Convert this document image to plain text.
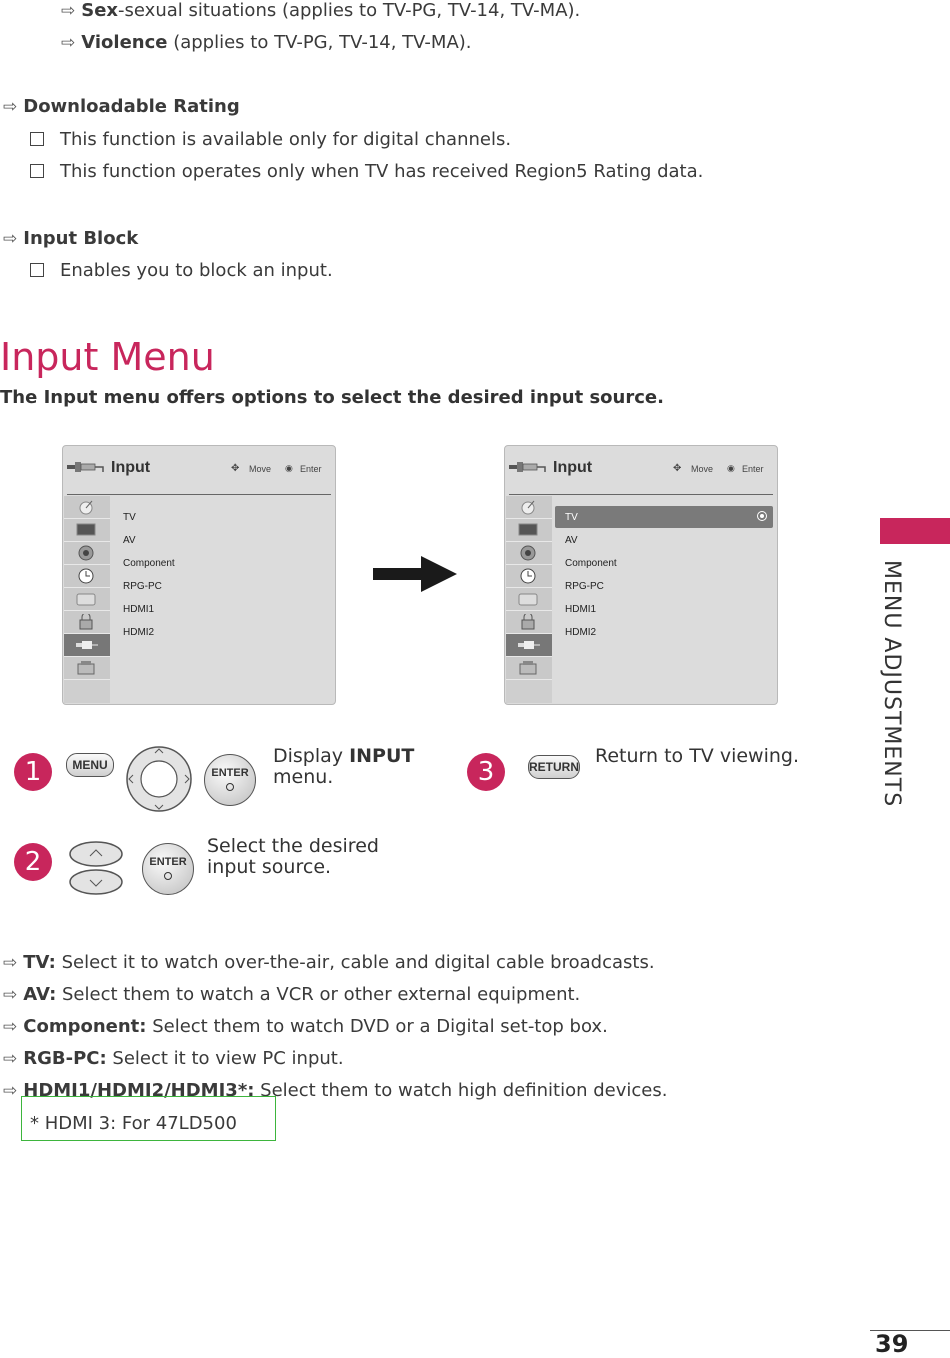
⇨ Sex-sexual situations (applies to TV-PG, TV-14, TV-MA).
⇨ Violence (applies to TV-PG, TV-14, TV-MA).
⇨ Downloadable Rating
This function is available only for digital channels.
This function operates only when TV has received Region5 Rating data.
⇨ Input Block
Enables you to block an input.
Input Menu
The Input menu offers options to select the desired input source.
MENU ADJUSTMENTS
Input	✥ Move ◉ Enter
TV
AV
Component
RPG-PC
HDMI1
HDMI2
Input	✥ Move ◉ Enter
TV
AV
Component
RPG-PC
HDMI1
HDMI2
1	MENU
ENTER
Display INPUT
menu.	3	RETURN Return to TV viewing.
2	ENTER
Select the desired
input source.
⇨ TV: Select it to watch over-the-air, cable and digital cable broadcasts.
⇨ AV: Select them to watch a VCR or other external equipment.
⇨ Component: Select them to watch DVD or a Digital set-top box.
⇨ RGB-PC: Select it to view PC input.
⇨ HDMI1/HDMI2/HDMI3*: Select them to watch high definition devices.
* HDMI 3: For 47LD500
39
